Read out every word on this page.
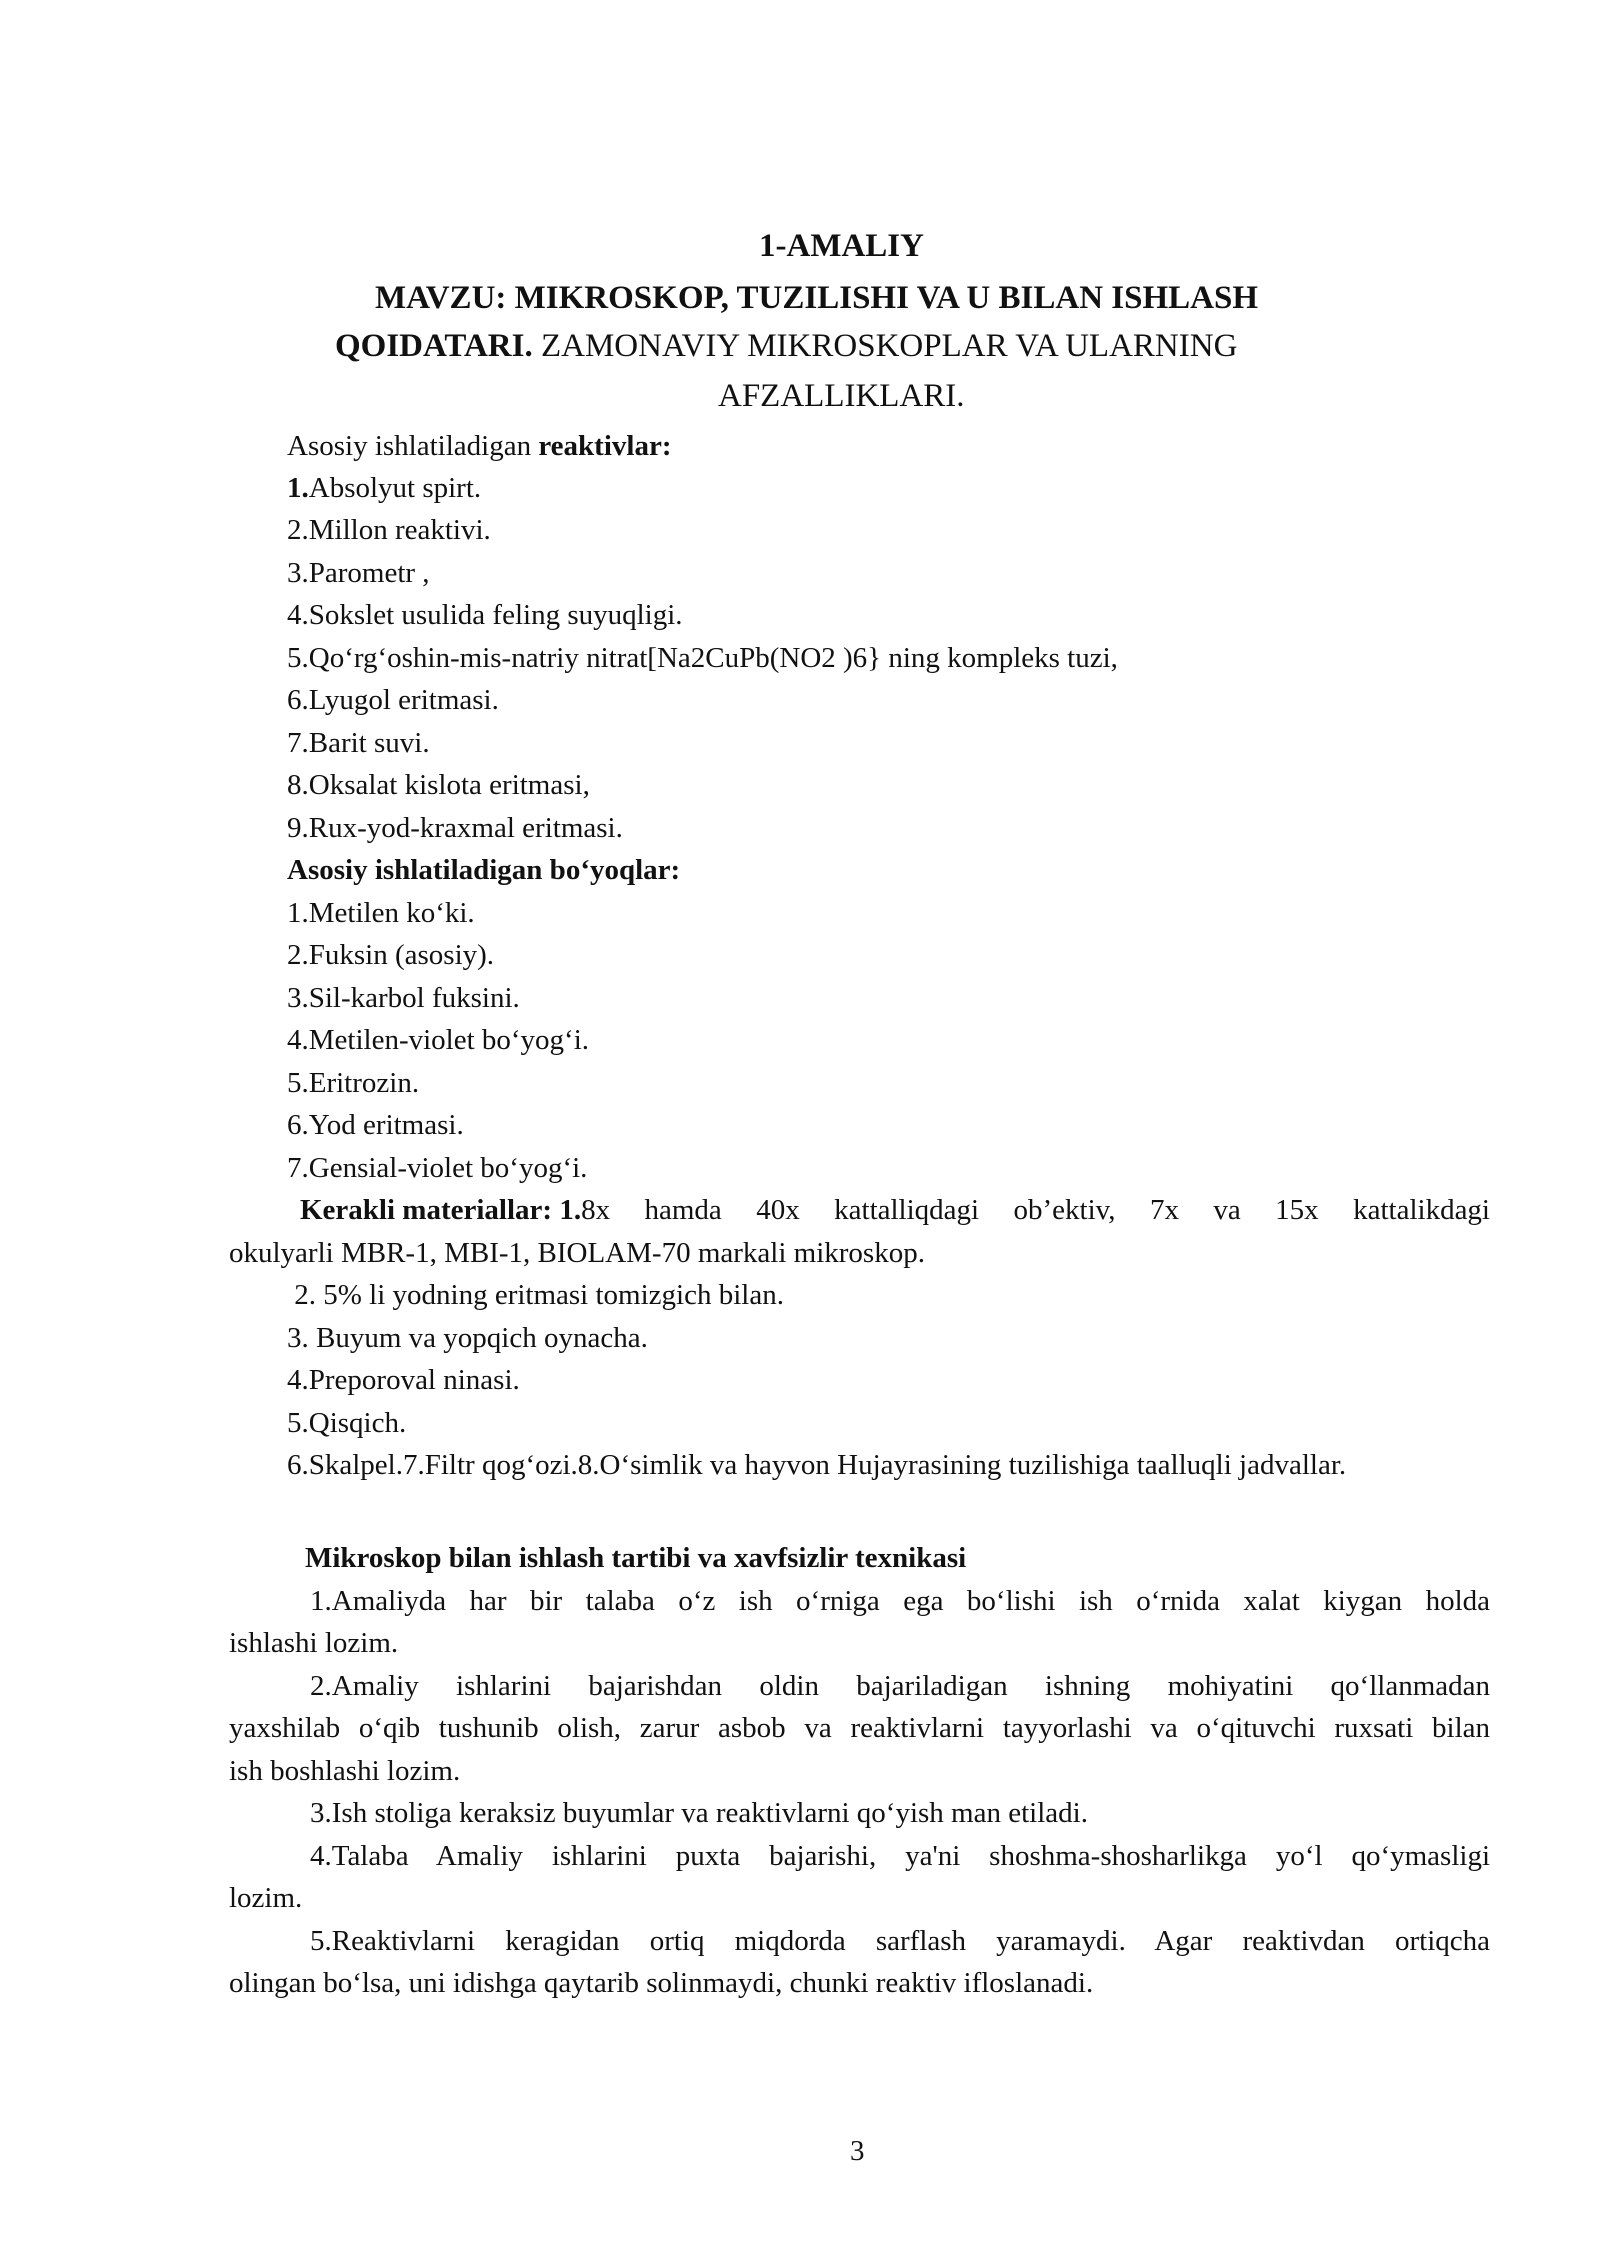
1-AMALIY
MAVZU: MIKROSKOP, TUZILISHI VA U BILAN ISHLASH
QOIDATARI. ZAMONAVIY MIKROSKOPLAR VA ULARNING
AFZALLIKLARI.
Asosiy ishlatiladigan reaktivlar:
1.Absolyut spirt.
2.Millon reaktivi.
3.Parometr ,
4.Sokslet usulida feling suyuqligi.
5.Qo‘rg‘oshin-mis-natriy nitrat[Na2CuPb(NO2 )6} ning kompleks tuzi,
6.Lyugol eritmasi.
7.Barit suvi.
8.Oksalat kislota eritmasi,
9.Rux-yod-kraxmal eritmasi.
Asosiy ishlatiladigan bo‘yoqlar:
1.Metilen ko‘ki.
2.Fuksin (asosiy).
3.Sil-karbol fuksini.
4.Metilen-violet bo‘yog‘i.
5.Eritrozin.
6.Yod eritmasi.
7.Gensial-violet bo‘yog‘i.
Kerakli materiallar: 1. 8x hamda 40x kattalliqdagi ob’ektiv, 7x va 15x kattalikdagi
okulyarli MBR-1, MBI-1, BIOLAM-70 markali mikroskop.
2. 5% li yodning eritmasi tomizgich bilan.
3. Buyum va yopqich oynacha.
4.Preporoval ninasi.
5.Qisqich.
6.Skalpel.7.Filtr qog‘ozi.8.O‘simlik va hayvon Hujayrasining tuzilishiga taalluqli jadvallar.
Mikroskop bilan ishlash tartibi va xavfsizlir texnikasi
1.Amaliyda har bir talaba o‘z ish o‘rniga ega bo‘lishi ish o‘rnida xalat kiygan holda
ishlashi lozim.
2.Amaliy ishlarini bajarishdan oldin bajariladigan ishning mohiyatini qo‘llanmadan
yaxshilab o‘qib tushunib olish, zarur asbob va reaktivlarni tayyorlashi va o‘qituvchi ruxsati bilan
ish boshlashi lozim.
3.Ish stoliga keraksiz buyumlar va reaktivlarni qo‘yish man etiladi.
4.Talaba Amaliy ishlarini puxta bajarishi, ya'ni shoshma-shosharlikga yo‘l qo‘ymasligi
lozim.
5.Reaktivlarni keragidan ortiq miqdorda sarflash yaramaydi. Agar reaktivdan ortiqcha
olingan bo‘lsa, uni idishga qaytarib solinmaydi, chunki reaktiv ifloslanadi.
3
